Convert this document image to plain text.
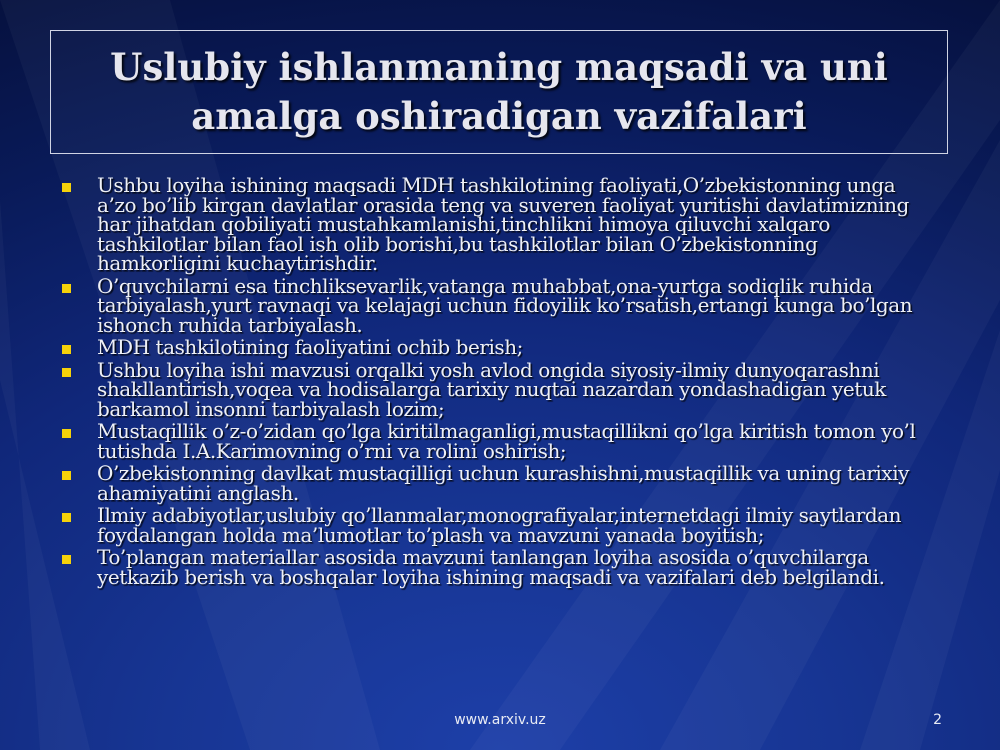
Uslubiy ishlanmaning maqsadi va uni amalga oshiradigan vazifalari
Ushbu loyiha ishining maqsadi MDH tashkilotining faoliyati,O’zbekistonning unga a’zo bo’lib kirgan davlatlar orasida teng va suveren faoliyat yuritishi davlatimizning har jihatdan qobiliyati mustahkamlanishi,tinchlikni himoya qiluvchi xalqaro tashkilotlar bilan faol ish olib borishi,bu tashkilotlar bilan O’zbekistonning hamkorligini kuchaytirishdir.
O’quvchilarni esa tinchliksevarlik,vatanga muhabbat,ona-yurtga sodiqlik ruhida tarbiyalash,yurt ravnaqi va kelajagi uchun fidoyilik ko’rsatish,ertangi kunga bo’lgan ishonch ruhida tarbiyalash.
MDH tashkilotining faoliyatini ochib berish;
Ushbu loyiha ishi mavzusi orqalki yosh avlod ongida siyosiy-ilmiy dunyoqarashni shakllantirish,voqea va hodisalarga tarixiy nuqtai nazardan yondashadigan yetuk barkamol insonni tarbiyalash lozim;
Mustaqillik o’z-o’zidan qo’lga kiritilmaganligi,mustaqillikni qo’lga kiritish tomon yo’l tutishda I.A.Karimovning o’rni va rolini oshirish;
O’zbekistonning davlkat mustaqilligi uchun kurashishni,mustaqillik va uning tarixiy ahamiyatini anglash.
Ilmiy adabiyotlar,uslubiy qo’llanmalar,monografiyalar,internetdagi ilmiy saytlardan foydalangan holda ma’lumotlar to’plash va mavzuni yanada boyitish;
To’plangan materiallar asosida mavzuni tanlangan loyiha asosida o’quvchilarga yetkazib berish va boshqalar loyiha ishining maqsadi va vazifalari deb belgilandi.
www.arxiv.uz	2
